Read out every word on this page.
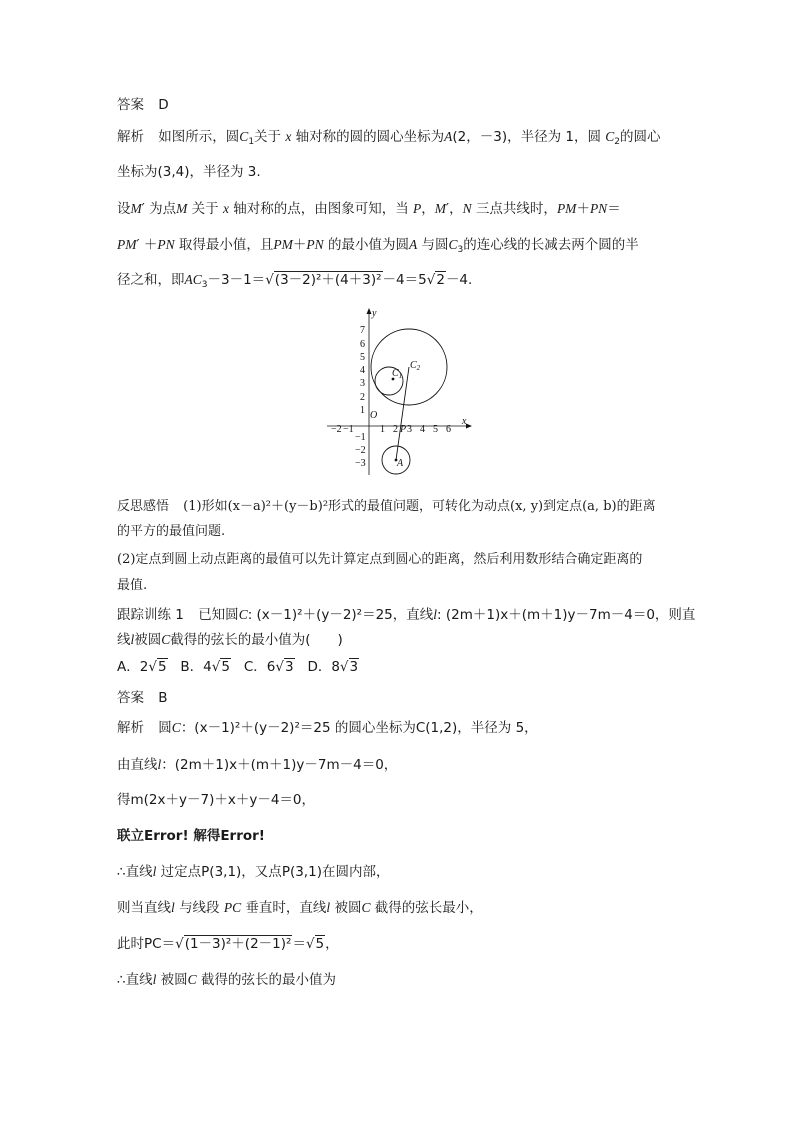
答案 D
解析 如图所示，圆$C_1$关于 x 轴对称的圆的圆心坐标为A(2，－3)，半径为 1，圆 $C_2$的圆心
坐标为(3,4)，半径为 3.
设M′ 为点M 关于 x 轴对称的点，由图象可知，当 P，M′，N 三点共线时，PM＋PN＝
PM′ ＋PN 取得最小值，且PM＋PN 的最小值为圆A 与圆$C_3$的连心线的长减去两个圆的半
径之和，即$AC_3-3-1=√(3-2)^2+(4+3)^2-4=5√2-4$.
x
y
O
−2 −1	1 2 3 4 5 6
7
6
5
4
3
2
1
−1
−2
−3
$C_1$
$C_2$
A
P
反思感悟 (1)形如(x－a)²＋(y－b)²形式的最值问题，可转化为动点(x, y)到定点(a, b)的距离
的平方的最值问题.
(2)定点到圆上动点距离的最值可以先计算定点到圆心的距离，然后利用数形结合确定距离的
最值.
跟踪训练 1 已知圆C: (x－1)²＋(y－2)²＝25，直线l: (2m＋1)x＋(m＋1)y－7m－4＝0，则直
线l被圆C截得的弦长的最小值为(　　)
A．2√5 B．4√5 C．6√3 D．8√3
答案 B
解析 圆C：(x－1)²＋(y－2)²＝25 的圆心坐标为C(1,2)，半径为 5，
由直线l：(2m＋1)x＋(m＋1)y－7m－4＝0，
得m(2x＋y－7)＋x＋y－4＝0，
联立Error! 解得Error!
∴直线l 过定点P(3,1)，又点P(3,1)在圆内部，
则当直线l 与线段 PC 垂直时，直线l 被圆C 截得的弦长最小，
此时PC＝√(1－3)²＋(2－1)²＝√5，
∴直线l 被圆C 截得的弦长的最小值为
